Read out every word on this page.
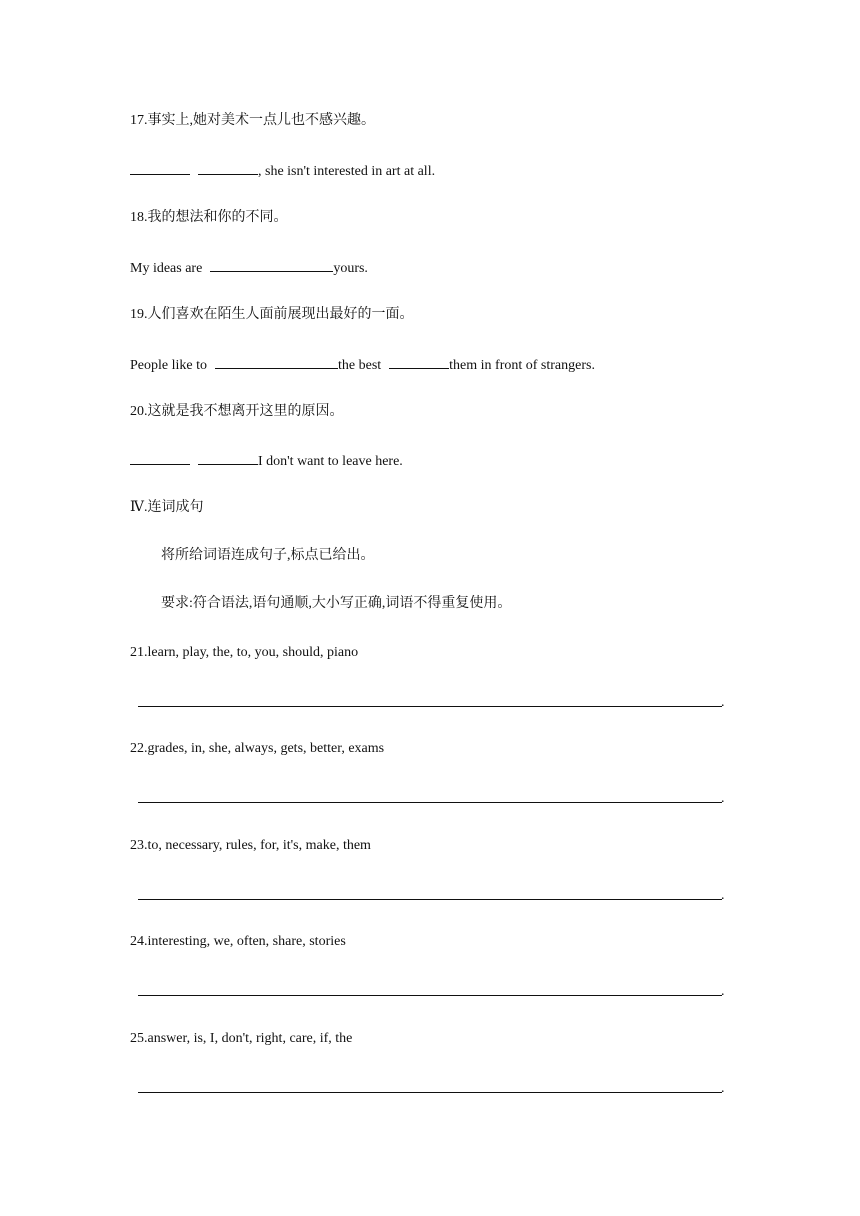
17.事实上,她对美术一点儿也不感兴趣。
, she isn't interested in art at all.
18.我的想法和你的不同。
My ideas are	yours.
19.人们喜欢在陌生人面前展现出最好的一面。
People like to	the best	them in front of strangers.
20.这就是我不想离开这里的原因。
I don't want to leave here.
Ⅳ.连词成句
将所给词语连成句子,标点已给出。
要求:符合语法,语句通顺,大小写正确,词语不得重复使用。
21.learn, play, the, to, you, should, piano
.
22.grades, in, she, always, gets, better, exams
.
23.to, necessary, rules, for, it's, make, them
.
24.interesting, we, often, share, stories
.
25.answer, is, I, don't, right, care, if, the
.
